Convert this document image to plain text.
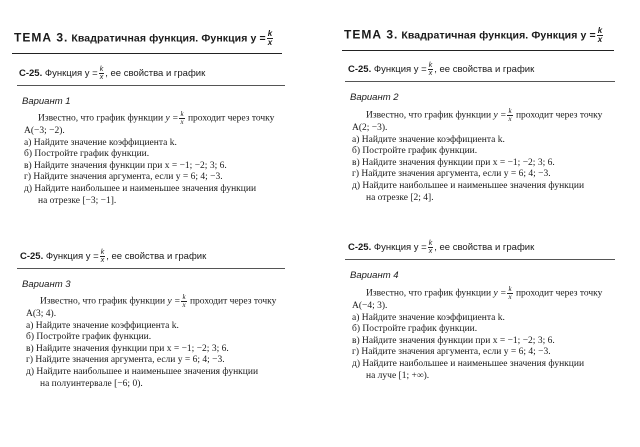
ТЕМА 3. Квадратичная функция. Функция $y = \frac{k}{x}$
С-25. Функция $y = \frac{k}{x}$ , ее свойства и график
Вариант 1

Известно, что график функции $y = \frac{k}{x}$ проходит через точку

A(−3; −2).

а) Найдите значение коэффициента k.

б) Постройте график функции.

в) Найдите значения функции при x = −1; −2; 3; 6.

г) Найдите значения аргумента, если y = 6; 4; −3.

д) Найдите наибольшее и наименьшее значения функции

на отрезке [−3; −1].

ТЕМА 3. Квадратичная функция. Функция $y = \frac{k}{x}$
С-25. Функция $y = \frac{k}{x}$ , ее свойства и график
Вариант 2

Известно, что график функции $y = \frac{k}{x}$ проходит через точку

A(2; −3).

а) Найдите значение коэффициента k.

б) Постройте график функции.

в) Найдите значения функции при x = −1; −2; 3; 6.

г) Найдите значения аргумента, если y = 6; 4; −3.

д) Найдите наибольшее и наименьшее значения функции

на отрезке [2; 4].

С-25. Функция $y = \frac{k}{x}$ , ее свойства и график
Вариант 3

Известно, что график функции $y = \frac{k}{x}$ проходит через точку

A(3; 4).

а) Найдите значение коэффициента k.

б) Постройте график функции.

в) Найдите значения функции при x = −1; −2; 3; 6.

г) Найдите значения аргумента, если y = 6; 4; −3.

д) Найдите наибольшее и наименьшее значения функции

на полуинтервале [−6; 0).

С-25. Функция $y = \frac{k}{x}$ , ее свойства и график
Вариант 4

Известно, что график функции $y = \frac{k}{x}$ проходит через точку

A(−4; 3).

а) Найдите значение коэффициента k.

б) Постройте график функции.

в) Найдите значения функции при x = −1; −2; 3; 6.

г) Найдите значения аргумента, если y = 6; 4; −3.

д) Найдите наибольшее и наименьшее значения функции

на луче [1; +∞).
